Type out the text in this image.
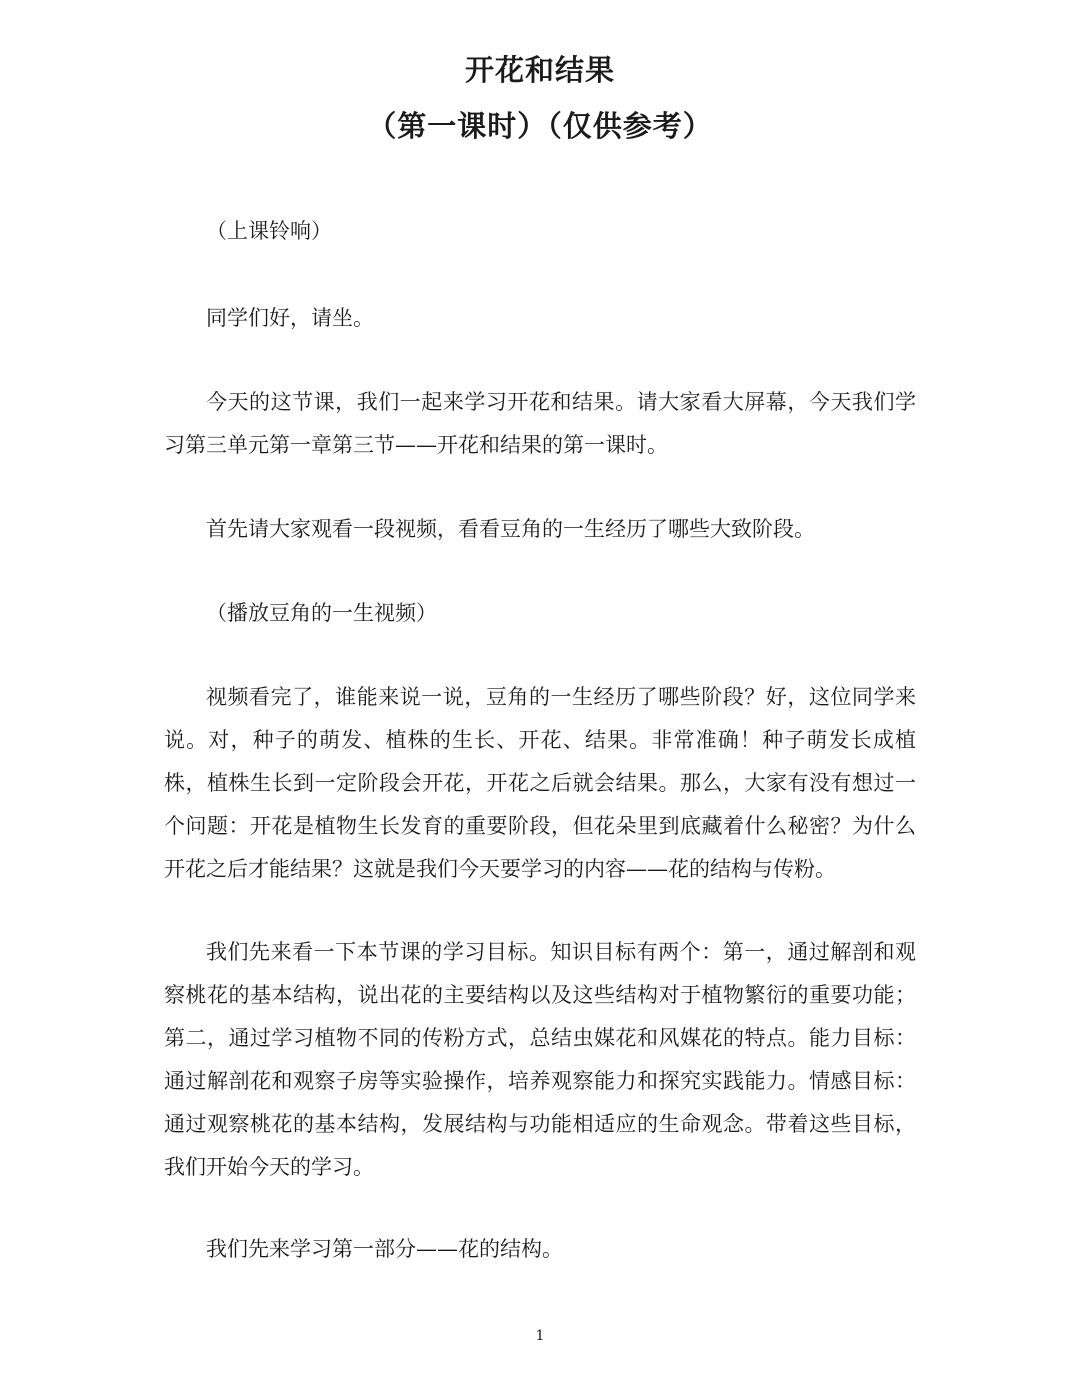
开花和结果
（第一课时）（仅供参考）

（上课铃响）

同学们好，请坐。

今天的这节课，我们一起来学习开花和结果。请大家看大屏幕，今天我们学习第三单元第一章第三节——开花和结果的第一课时。

首先请大家观看一段视频，看看豆角的一生经历了哪些大致阶段。

（播放豆角的一生视频）

视频看完了，谁能来说一说，豆角的一生经历了哪些阶段？好，这位同学来说。对，种子的萌发、植株的生长、开花、结果。非常准确！种子萌发长成植株，植株生长到一定阶段会开花，开花之后就会结果。那么，大家有没有想过一个问题：开花是植物生长发育的重要阶段，但花朵里到底藏着什么秘密？为什么开花之后才能结果？这就是我们今天要学习的内容——花的结构与传粉。

我们先来看一下本节课的学习目标。知识目标有两个：第一，通过解剖和观察桃花的基本结构，说出花的主要结构以及这些结构对于植物繁衍的重要功能；第二，通过学习植物不同的传粉方式，总结虫媒花和风媒花的特点。能力目标：通过解剖花和观察子房等实验操作，培养观察能力和探究实践能力。情感目标：通过观察桃花的基本结构，发展结构与功能相适应的生命观念。带着这些目标，我们开始今天的学习。

我们先来学习第一部分——花的结构。

1
